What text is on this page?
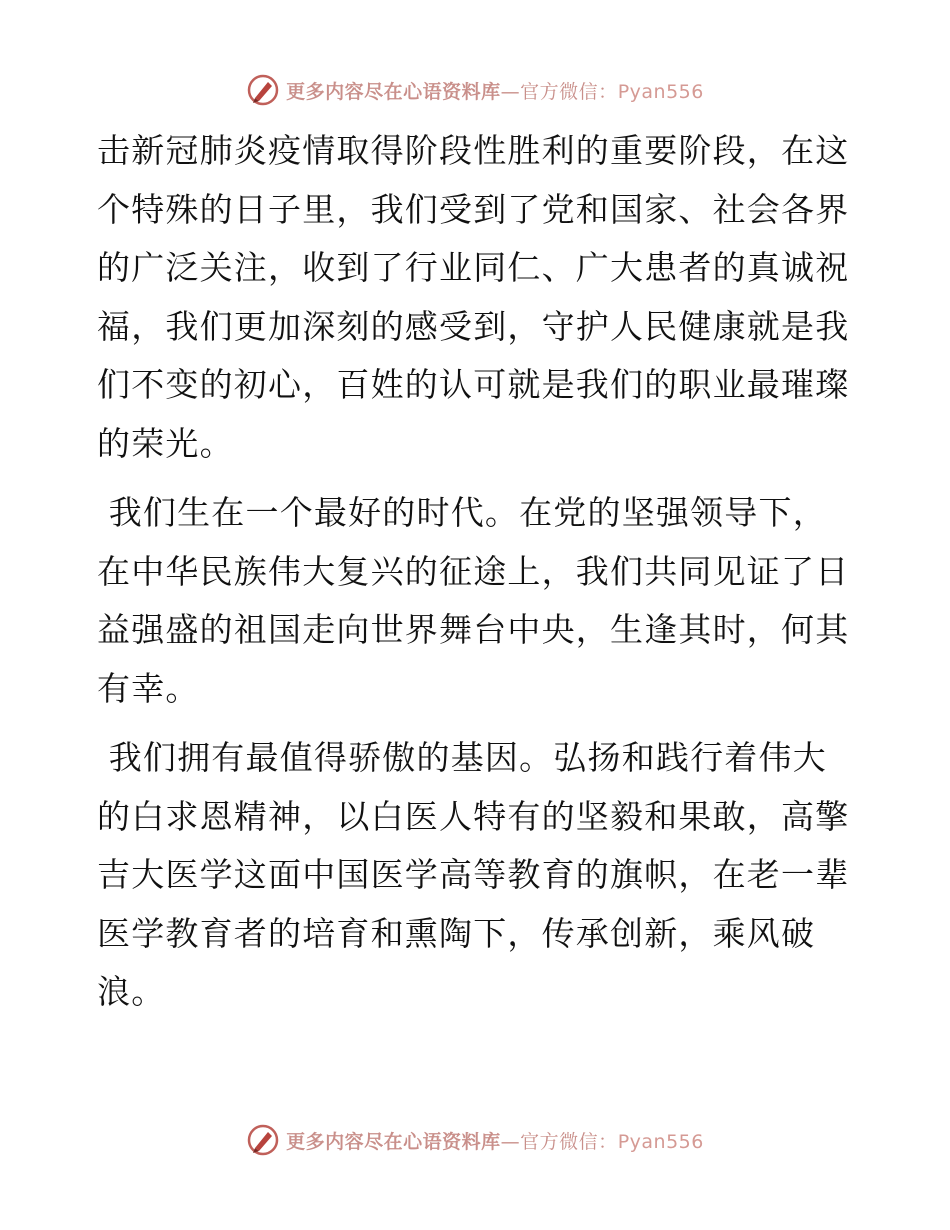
更多内容尽在心语资料库—官方微信：Pyan556

击新冠肺炎疫情取得阶段性胜利的重要阶段，在这个特殊的日子里，我们受到了党和国家、社会各界的广泛关注，收到了行业同仁、广大患者的真诚祝福，我们更加深刻的感受到，守护人民健康就是我们不变的初心，百姓的认可就是我们的职业最璀璨的荣光。

我们生在一个最好的时代。在党的坚强领导下，
在中华民族伟大复兴的征途上，我们共同见证了日益强盛的祖国走向世界舞台中央，生逢其时，何其有幸。

我们拥有最值得骄傲的基因。弘扬和践行着伟大的白求恩精神，以白医人特有的坚毅和果敢，高擎吉大医学这面中国医学高等教育的旗帜，在老一辈医学教育者的培育和熏陶下，传承创新，乘风破浪。

更多内容尽在心语资料库—官方微信：Pyan556
